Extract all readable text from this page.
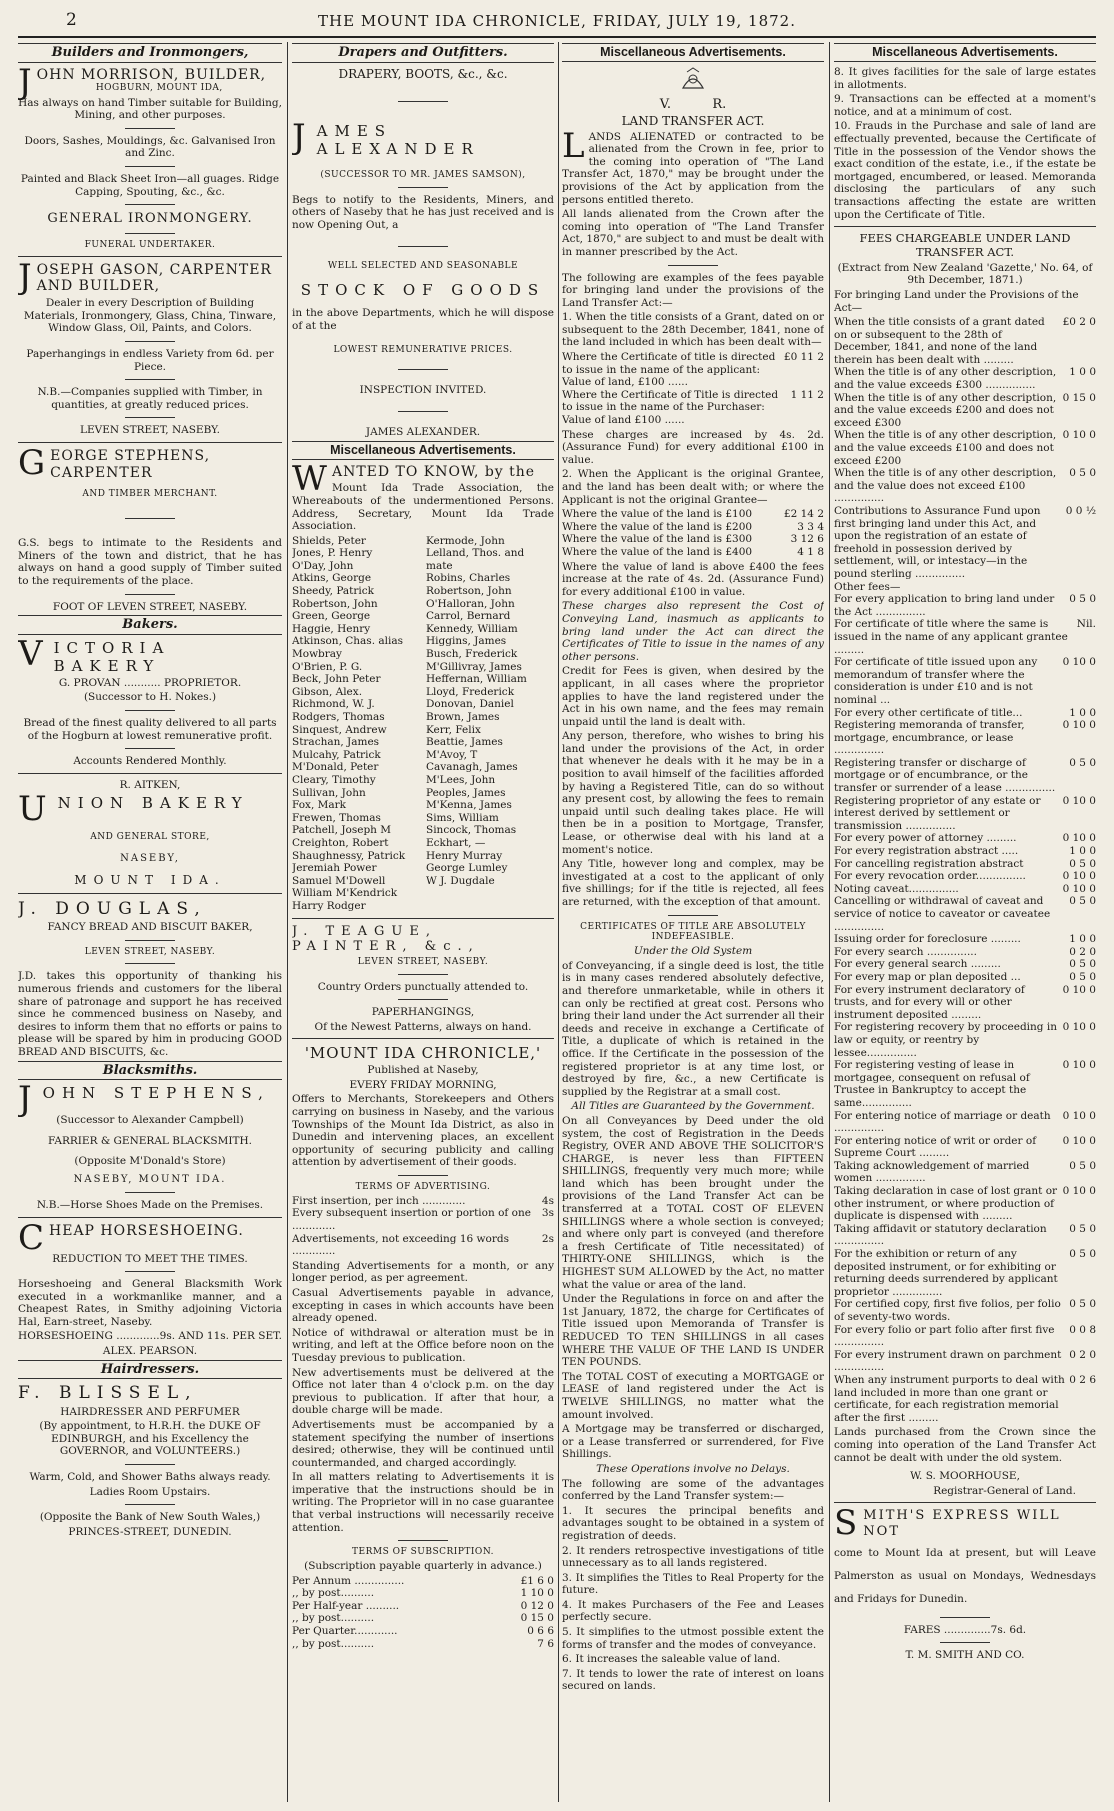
2	THE MOUNT IDA CHRONICLE, FRIDAY, JULY 19, 1872.
Builders and Ironmongers,
JOHN MORRISON, BUILDER,
HOGBURN, MOUNT IDA,

Has always on hand Timber suitable for Building, Mining, and other purposes.

Doors, Sashes, Mouldings, &c. Galvanised Iron and Zinc.

Painted and Black Sheet Iron—all guages. Ridge Capping, Spouting, &c., &c.

GENERAL IRONMONGERY.

FUNERAL UNDERTAKER.

JOSEPH GASON, CARPENTER AND BUILDER,

Dealer in every Description of Building Materials, Ironmongery, Glass, China, Tinware, Window Glass, Oil, Paints, and Colors.

Paperhangings in endless Variety from 6d. per Piece.

N.B.—Companies supplied with Timber, in quantities, at greatly reduced prices.

LEVEN STREET, NASEBY.

GEORGE STEPHENS, CARPENTER

AND TIMBER MERCHANT.

G.S. begs to intimate to the Residents and Miners of the town and district, that he has always on hand a good supply of Timber suited to the requirements of the place.

FOOT OF LEVEN STREET, NASEBY.

Bakers.
VICTORIA BAKERY

G. PROVAN ........... PROPRIETOR.

(Successor to H. Nokes.)

Bread of the finest quality delivered to all parts of the Hogburn at lowest remunerative profit.

Accounts Rendered Monthly.

R. AITKEN,

UNION BAKERY

AND GENERAL STORE,

NASEBY,

MOUNT IDA.

J. DOUGLAS,

FANCY BREAD AND BISCUIT BAKER,

LEVEN STREET, NASEBY.

J.D. takes this opportunity of thanking his numerous friends and customers for the liberal share of patronage and support he has received since he commenced business on Naseby, and desires to inform them that no efforts or pains to please will be spared by him in producing GOOD BREAD AND BISCUITS, &c.

Blacksmiths.
JOHN STEPHENS,

(Successor to Alexander Campbell)

FARRIER & GENERAL BLACKSMITH.

(Opposite M'Donald's Store)

NASEBY, MOUNT IDA.

N.B.—Horse Shoes Made on the Premises.

CHEAP HORSESHOEING.

REDUCTION TO MEET THE TIMES.

Horseshoeing and General Blacksmith Work executed in a workmanlike manner, and a Cheapest Rates, in Smithy adjoining Victoria Hal, Earn-street, Naseby.

HORSESHOEING .............9s. AND 11s. PER SET.

ALEX. PEARSON.

Hairdressers.
F. BLISSEL,

HAIRDRESSER AND PERFUMER

(By appointment, to H.R.H. the DUKE OF EDINBURGH, and his Excellency the GOVERNOR, and VOLUNTEERS.)

Warm, Cold, and Shower Baths always ready.

Ladies Room Upstairs.

(Opposite the Bank of New South Wales,)

PRINCES-STREET, DUNEDIN.

Drapers and Outfitters.

DRAPERY, BOOTS, &c., &c.

JAMES ALEXANDER

(SUCCESSOR TO MR. JAMES SAMSON),

Begs to notify to the Residents, Miners, and others of Naseby that he has just received and is now Opening Out, a

WELL SELECTED AND SEASONABLE

STOCK OF GOODS

in the above Departments, which he will dispose of at the

LOWEST REMUNERATIVE PRICES.

INSPECTION INVITED.

JAMES ALEXANDER.

Miscellaneous Advertisements.
WANTED TO KNOW, by the

Mount Ida Trade Association, the Whereabouts of the undermentioned Persons. Address, Secretary, Mount Ida Trade Association.

Shields, Peter
Jones, P. Henry
O'Day, John
Atkins, George
Sheedy, Patrick
Robertson, John
Green, George
Haggie, Henry
Atkinson, Chas. alias Mowbray
O'Brien, P. G.
Beck, John Peter
Gibson, Alex.
Richmond, W. J.
Rodgers, Thomas
Sinquest, Andrew
Strachan, James
Mulcahy, Patrick
M'Donald, Peter
Cleary, Timothy
Sullivan, John
Fox, Mark
Frewen, Thomas
Patchell, Joseph M
Creighton, Robert
Shaughnessy, Patrick
Jeremiah Power
Samuel M'Dowell
William M'Kendrick
Harry Rodger
Kermode, John
Lelland, Thos. and mate
Robins, Charles
Robertson, John
O'Halloran, John
Carrol, Bernard
Kennedy, William
Higgins, James
Busch, Frederick
M'Gillivray, James
Heffernan, William
Lloyd, Frederick
Donovan, Daniel
Brown, James
Kerr, Felix
Beattie, James
M'Avoy, T
Cavanagh, James
M'Lees, John
Peoples, James
M'Kenna, James
Sims, William
Sincock, Thomas
Eckhart, —
Henry Murray
George Lumley
W J. Dugdale
J. TEAGUE, PAINTER, &c.,

LEVEN STREET, NASEBY.

Country Orders punctually attended to.

PAPERHANGINGS,

Of the Newest Patterns, always on hand.

'MOUNT IDA CHRONICLE,'

Published at Naseby,

EVERY FRIDAY MORNING,

Offers to Merchants, Storekeepers and Others carrying on business in Naseby, and the various Townships of the Mount Ida District, as also in Dunedin and intervening places, an excellent opportunity of securing publicity and calling attention by advertisement of their goods.

TERMS OF ADVERTISING.

First insertion, per inch .............	4s
Every subsequent insertion or portion of one .............
3s
Advertisements, not exceeding 16 words .............
2s
Standing Advertisements for a month, or any longer period, as per agreement.
Casual Advertisements payable in advance, excepting in cases in which accounts have been already opened.
Notice of withdrawal or alteration must be in writing, and left at the Office before noon on the Tuesday previous to publication.
New advertisements must be delivered at the Office not later than 4 o'clock p.m. on the day previous to publication. If after that hour, a double charge will be made.
Advertisements must be accompanied by a statement specifying the number of insertions desired; otherwise, they will be continued until countermanded, and charged accordingly.
In all matters relating to Advertisements it is imperative that the instructions should be in writing. The Proprietor will in no case guarantee that verbal instructions will necessarily receive attention.

TERMS OF SUBSCRIPTION.

(Subscription payable quarterly in advance.)

Per Annum ...............	£1 6 0
,, by post..........	1 10 0
Per Half-year ..........	0 12 0
,, by post..........	0 15 0
Per Quarter.............	0 6 6
,, by post..........	7 6
Miscellaneous Advertisements.
V.          R.

LAND TRANSFER ACT.

LANDS ALIENATED or contracted to be alienated from the Crown in fee, prior to the coming into operation of "The Land Transfer Act, 1870," may be brought under the provisions of the Act by application from the persons entitled thereto.

All lands alienated from the Crown after the coming into operation of "The Land Transfer Act, 1870," are subject to and must be dealt with in manner prescribed by the Act.

The following are examples of the fees payable for bringing land under the provisions of the Land Transfer Act:—

1. When the title consists of a Grant, dated on or subsequent to the 28th December, 1841, none of the land included in which has been dealt with—

Where the Certificate of title is directed to issue in the name of the applicant: Value of land, £100 ......
£0 11 2
Where the Certificate of Title is directed to issue in the name of the Purchaser: Value of land £100 ......
1 11 2

These charges are increased by 4s. 2d. (Assurance Fund) for every additional £100 in value.

2. When the Applicant is the original Grantee, and the land has been dealt with; or where the Applicant is not the original Grantee—

Where the value of the land is £100	£2 14 2
Where the value of the land is £200	3 3 4
Where the value of the land is £300	3 12 6
Where the value of the land is £400	4 1 8

Where the value of land is above £400 the fees increase at the rate of 4s. 2d. (Assurance Fund) for every additional £100 in value.

These charges also represent the Cost of Conveying Land, inasmuch as applicants to bring land under the Act can direct the Certificates of Title to issue in the names of any other persons.

Credit for Fees is given, when desired by the applicant, in all cases where the proprietor applies to have the land registered under the Act in his own name, and the fees may remain unpaid until the land is dealt with.

Any person, therefore, who wishes to bring his land under the provisions of the Act, in order that whenever he deals with it he may be in a position to avail himself of the facilities afforded by having a Registered Title, can do so without any present cost, by allowing the fees to remain unpaid until such dealing takes place. He will then be in a position to Mortgage, Transfer, Lease, or otherwise deal with his land at a moment's notice.

Any Title, however long and complex, may be investigated at a cost to the applicant of only five shillings; for if the title is rejected, all fees are returned, with the exception of that amount.

CERTIFICATES OF TITLE ARE ABSOLUTELY INDEFEASIBLE.

Under the Old System

of Conveyancing, if a single deed is lost, the title is in many cases rendered absolutely defective, and therefore unmarketable, while in others it can only be rectified at great cost. Persons who bring their land under the Act surrender all their deeds and receive in exchange a Certificate of Title, a duplicate of which is retained in the office. If the Certificate in the possession of the registered proprietor is at any time lost, or destroyed by fire, &c., a new Certificate is supplied by the Registrar at a small cost.

All Titles are Guaranteed by the Government.

On all Conveyances by Deed under the old system, the cost of Registration in the Deeds Registry, OVER AND ABOVE THE SOLICITOR'S CHARGE, is never less than FIFTEEN SHILLINGS, frequently very much more; while land which has been brought under the provisions of the Land Transfer Act can be transferred at a TOTAL COST OF ELEVEN SHILLINGS where a whole section is conveyed; and where only part is conveyed (and therefore a fresh Certificate of Title necessitated) of THIRTY-ONE SHILLINGS, which is the HIGHEST SUM ALLOWED by the Act, no matter what the value or area of the land.

Under the Regulations in force on and after the 1st January, 1872, the charge for Certificates of Title issued upon Memoranda of Transfer is REDUCED TO TEN SHILLINGS in all cases WHERE THE VALUE OF THE LAND IS UNDER TEN POUNDS.

The TOTAL COST of executing a MORTGAGE or LEASE of land registered under the Act is TWELVE SHILLINGS, no matter what the amount involved.

A Mortgage may be transferred or discharged, or a Lease transferred or surrendered, for Five Shillings.

These Operations involve no Delays.

The following are some of the advantages conferred by the Land Transfer system:—

1. It secures the principal benefits and advantages sought to be obtained in a system of registration of deeds.
2. It renders retrospective investigations of title unnecessary as to all lands registered.
3. It simplifies the Titles to Real Property for the future.
4. It makes Purchasers of the Fee and Leases perfectly secure.
5. It simplifies to the utmost possible extent the forms of transfer and the modes of conveyance.
6. It increases the saleable value of land.
7. It tends to lower the rate of interest on loans secured on lands.
Miscellaneous Advertisements.
8. It gives facilities for the sale of large estates in allotments.
9. Transactions can be effected at a moment's notice, and at a minimum of cost.
10. Frauds in the Purchase and sale of land are effectually prevented, because the Certificate of Title in the possession of the Vendor shows the exact condition of the estate, i.e., if the estate be mortgaged, encumbered, or leased. Memoranda disclosing the particulars of any such transactions affecting the estate are written upon the Certificate of Title.

FEES CHARGEABLE UNDER LAND TRANSFER ACT.

(Extract from New Zealand 'Gazette,' No. 64, of 9th December, 1871.)

For bringing Land under the Provisions of the Act—

When the title consists of a grant dated on or subsequent to the 28th of December, 1841, and none of the land therein has been dealt with .........
£0 2 0
When the title is of any other description, and the value exceeds £300 ...............
1 0 0
When the title is of any other description, and the value exceeds £200 and does not exceed £300
0 15 0
When the title is of any other description, and the value exceeds £100 and does not exceed £200
0 10 0
When the title is of any other description, and the value does not exceed £100 ...............
0 5 0
Contributions to Assurance Fund upon first bringing land under this Act, and upon the registration of an estate of freehold in possession derived by settlement, will, or intestacy—in the pound sterling ...............
0 0 ½
Other fees—
For every application to bring land under the Act ...............
0 5 0
For certificate of title where the same is issued in the name of any applicant grantee .........
Nil.
For certificate of title issued upon any memorandum of transfer where the consideration is under £10 and is not nominal ...
0 10 0
For every other certificate of title...	1 0 0
Registering memoranda of transfer, mortgage, encumbrance, or lease ...............
0 10 0
Registering transfer or discharge of mortgage or of encumbrance, or the transfer or surrender of a lease ...............
0 5 0
Registering proprietor of any estate or interest derived by settlement or transmission ...............
0 10 0
For every power of attorney .........	0 10 0
For every registration abstract .....	1 0 0
For cancelling registration abstract	0 5 0
For every revocation order...............	0 10 0
Noting caveat...............	0 10 0
Cancelling or withdrawal of caveat and service of notice to caveator or caveatee ...............
0 5 0
Issuing order for foreclosure .........	1 0 0
For every search ...............	0 2 0
For every general search .........	0 5 0
For every map or plan deposited ...	0 5 0
For every instrument declaratory of trusts, and for every will or other instrument deposited .........
0 10 0
For registering recovery by proceeding in law or equity, or reentry by lessee...............
0 10 0
For registering vesting of lease in mortgagee, consequent on refusal of Trustee in Bankruptcy to accept the same...............
0 10 0
For entering notice of marriage or death ...............
0 10 0
For entering notice of writ or order of Supreme Court .........
0 10 0
Taking acknowledgement of married women ...............
0 5 0
Taking declaration in case of lost grant or other instrument, or where production of duplicate is dispensed with .........
0 10 0
Taking affidavit or statutory declaration ...............
0 5 0
For the exhibition or return of any deposited instrument, or for exhibiting or returning deeds surrendered by applicant proprietor ...............
0 5 0
For certified copy, first five folios, per folio of seventy-two words.
0 5 0
For every folio or part folio after first five ...............
0 0 8
For every instrument drawn on parchment ...............
0 2 0
When any instrument purports to deal with land included in more than one grant or certificate, for each registration memorial after the first .........
0 2 6

Lands purchased from the Crown since the coming into operation of the Land Transfer Act cannot be dealt with under the old system.

W. S. MOORHOUSE,

Registrar-General of Land.

SMITH'S EXPRESS WILL NOT

come to Mount Ida at present, but will Leave Palmerston as usual on Mondays, Wednesdays and Fridays for Dunedin.

FARES ..............7s. 6d.

T. M. SMITH AND CO.
